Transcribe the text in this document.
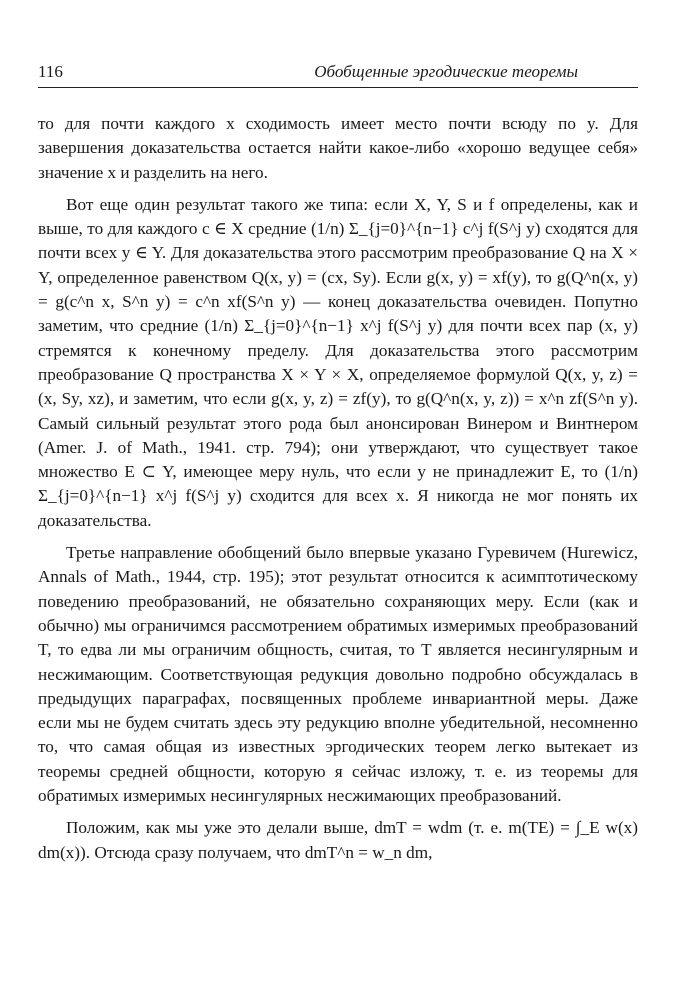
116	Обобщенные эргодические теоремы

то для почти каждого x сходимость имеет место почти всюду по y. Для завершения доказательства остается найти какое-либо «хорошо ведущее себя» значение x и разделить на него.

Вот еще один результат такого же типа: если X, Y, S и f определены, как и выше, то для каждого c ∈ X средние (1/n) Σ_{j=0}^{n−1} c^j f(S^j y) сходятся для почти всех y ∈ Y. Для доказательства этого рассмотрим преобразование Q на X × Y, определенное равенством Q(x, y) = (cx, Sy). Если g(x, y) = xf(y), то g(Q^n(x, y) = g(c^n x, S^n y) = c^n xf(S^n y) — конец доказательства очевиден. Попутно заметим, что средние (1/n) Σ_{j=0}^{n−1} x^j f(S^j y) для почти всех пар (x, y) стремятся к конечному пределу. Для доказательства этого рассмотрим преобразование Q пространства X × Y × X, определяемое формулой Q(x, y, z) = (x, Sy, xz), и заметим, что если g(x, y, z) = zf(y), то g(Q^n(x, y, z)) = x^n zf(S^n y). Самый сильный результат этого рода был анонсирован Винером и Винтнером (Amer. J. of Math., 1941. стр. 794); они утверждают, что существует такое множество E ⊂ Y, имеющее меру нуль, что если y не принадлежит E, то (1/n) Σ_{j=0}^{n−1} x^j f(S^j y) сходится для всех x. Я никогда не мог понять их доказательства.

Третье направление обобщений было впервые указано Гуревичем (Hurewicz, Annals of Math., 1944, стр. 195); этот результат относится к асимптотическому поведению преобразований, не обязательно сохраняющих меру. Если (как и обычно) мы ограничимся рассмотрением обратимых измеримых преобразований T, то едва ли мы ограничим общность, считая, то T является несингулярным и несжимающим. Соответствующая редукция довольно подробно обсуждалась в предыдущих параграфах, посвященных проблеме инвариантной меры. Даже если мы не будем считать здесь эту редукцию вполне убедительной, несомненно то, что самая общая из известных эргодических теорем легко вытекает из теоремы средней общности, которую я сейчас изложу, т. е. из теоремы для обратимых измеримых несингулярных несжимающих преобразований.

Положим, как мы уже это делали выше, dmT = wdm (т. е. m(TE) = ∫_E w(x) dm(x)). Отсюда сразу получаем, что dmT^n = w_n dm,
